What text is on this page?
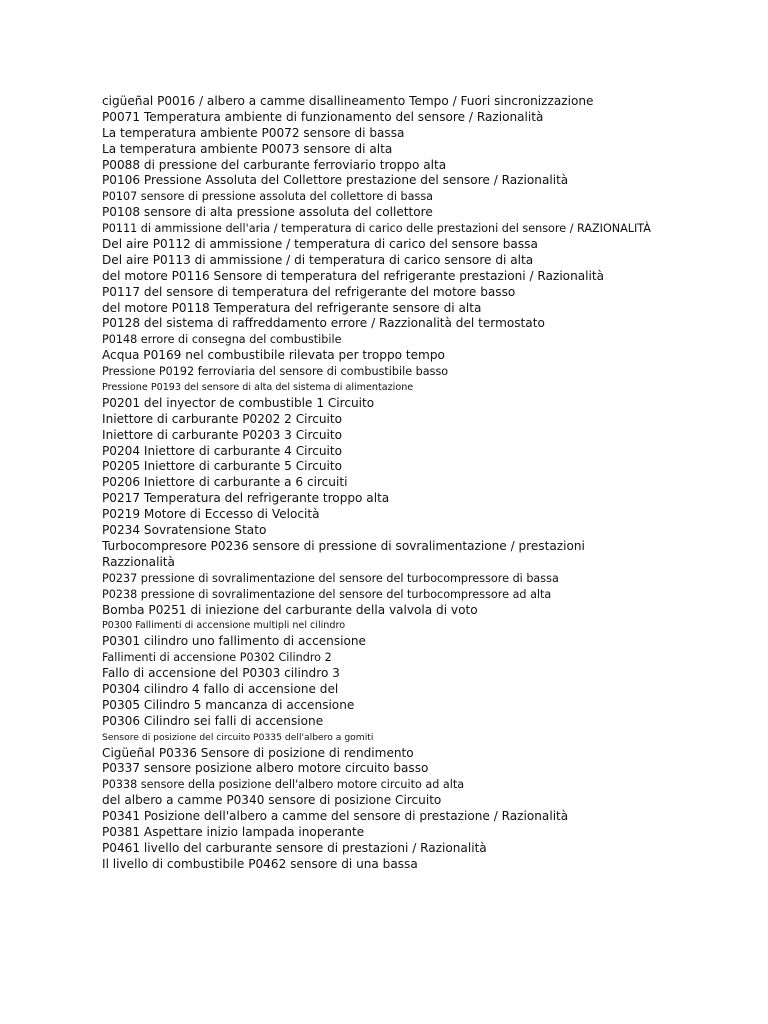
cigüeñal P0016 / albero a camme disallineamento Tempo / Fuori sincronizzazione
P0071 Temperatura ambiente di funzionamento del sensore / Razionalità
La temperatura ambiente P0072 sensore di bassa
La temperatura ambiente P0073 sensore di alta
P0088 di pressione del carburante ferroviario troppo alta
P0106 Pressione Assoluta del Collettore prestazione del sensore / Razionalità
P0107 sensore di pressione assoluta del collettore di bassa
P0108 sensore di alta pressione assoluta del collettore
P0111 di ammissione dell'aria / temperatura di carico delle prestazioni del sensore / RAZIONALITÀ
Del aire P0112 di ammissione / temperatura di carico del sensore bassa
Del aire P0113 di ammissione / di temperatura di carico sensore di alta
del motore P0116 Sensore di temperatura del refrigerante prestazioni / Razionalità
P0117 del sensore di temperatura del refrigerante del motore basso
del motore P0118 Temperatura del refrigerante sensore di alta
P0128 del sistema di raffreddamento errore / Razzionalità del termostato
P0148 errore di consegna del combustibile
Acqua P0169 nel combustibile rilevata per troppo tempo
Pressione P0192 ferroviaria del sensore di combustibile basso
Pressione P0193 del sensore di alta del sistema di alimentazione
P0201 del inyector de combustible 1 Circuito
Iniettore di carburante P0202 2 Circuito
Iniettore di carburante P0203 3 Circuito
P0204 Iniettore di carburante 4 Circuito
P0205 Iniettore di carburante 5 Circuito
P0206 Iniettore di carburante a 6 circuiti
P0217 Temperatura del refrigerante troppo alta
P0219 Motore di Eccesso di Velocità
P0234 Sovratensione Stato
Turbocompresore P0236 sensore di pressione di sovralimentazione / prestazioni
Razzionalità
P0237 pressione di sovralimentazione del sensore del turbocompressore di bassa
P0238 pressione di sovralimentazione del sensore del turbocompressore ad alta
Bomba P0251 di iniezione del carburante della valvola di voto
P0300 Fallimenti di accensione multipli nel cilindro
P0301 cilindro uno fallimento di accensione
Fallimenti di accensione P0302 Cilindro 2
Fallo di accensione del P0303 cilindro 3
P0304 cilindro 4 fallo di accensione del
P0305 Cilindro 5 mancanza di accensione
P0306 Cilindro sei falli di accensione
Sensore di posizione del circuito P0335 dell'albero a gomiti
Cigüeñal P0336 Sensore di posizione di rendimento
P0337 sensore posizione albero motore circuito basso
P0338 sensore della posizione dell'albero motore circuito ad alta
del albero a camme P0340 sensore di posizione Circuito
P0341 Posizione dell'albero a camme del sensore di prestazione / Razionalità
P0381 Aspettare inizio lampada inoperante
P0461 livello del carburante sensore di prestazioni / Razionalità
Il livello di combustibile P0462 sensore di una bassa
